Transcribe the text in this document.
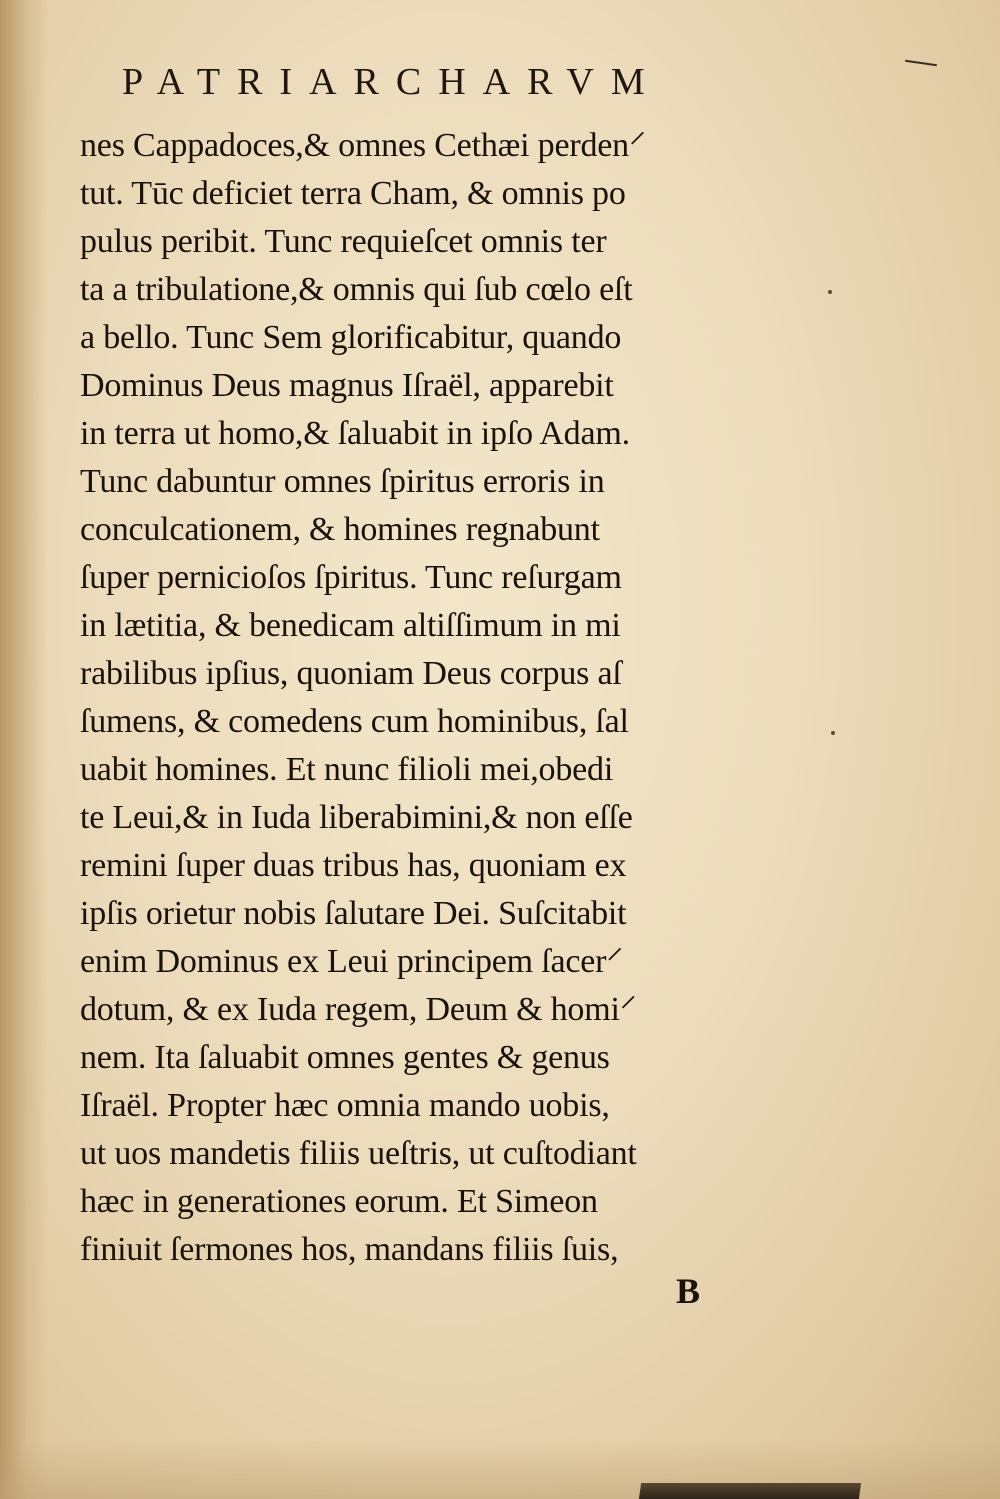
PATRIARCHARVM
nes Cappadoces,& omnes Cethæi perden⸍
tut. Tūc deficiet terra Cham, & omnis po
pulus peribit. Tunc requieſcet omnis ter
ta a tribulatione,& omnis qui ſub cœlo eſt
a bello. Tunc Sem glorificabitur, quando
Dominus Deus magnus Iſraël, apparebit
in terra ut homo,& ſaluabit in ipſo Adam.
Tunc dabuntur omnes ſpiritus erroris in
conculcationem, & homines regnabunt
ſuper pernicioſos ſpiritus. Tunc reſurgam
in lætitia, & benedicam altiſſimum in mi
rabilibus ipſius, quoniam Deus corpus aſ
ſumens, & comedens cum hominibus, ſal
uabit homines. Et nunc filioli mei,obedi
te Leui,& in Iuda liberabimini,& non eſſe
remini ſuper duas tribus has, quoniam ex
ipſis orietur nobis ſalutare Dei. Suſcitabit
enim Dominus ex Leui principem ſacer⸍
dotum, & ex Iuda regem, Deum & homi⸍
nem. Ita ſaluabit omnes gentes & genus
Iſraël. Propter hæc omnia mando uobis,
ut uos mandetis filiis ueſtris, ut cuſtodiant
hæc in generationes eorum. Et Simeon
finiuit ſermones hos, mandans filiis ſuis,
B
